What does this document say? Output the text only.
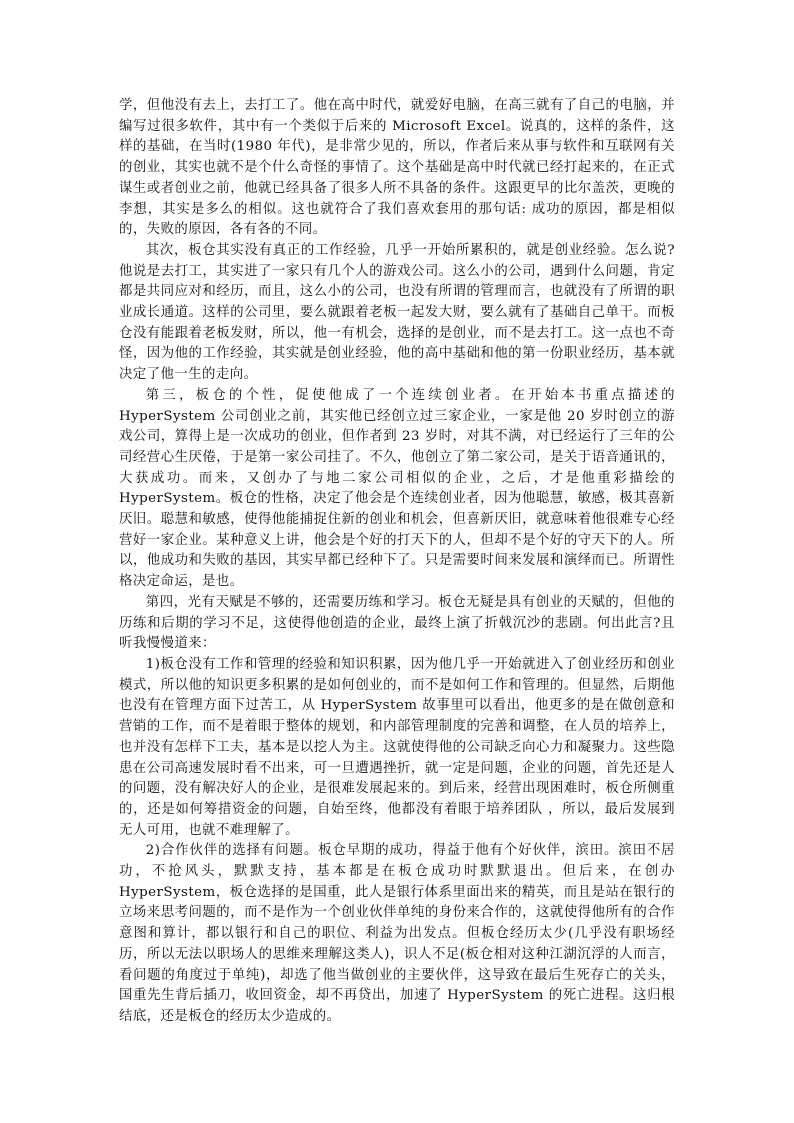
学，但他没有去上，去打工了。他在高中时代，就爱好电脑，在高三就有了自己的电脑，并编写过很多软件，其中有一个类似于后来的 Microsoft Excel。说真的，这样的条件，这样的基础，在当时(1980 年代)，是非常少见的，所以，作者后来从事与软件和互联网有关的创业，其实也就不是个什么奇怪的事情了。这个基础是高中时代就已经打起来的，在正式谋生或者创业之前，他就已经具备了很多人所不具备的条件。这跟更早的比尔盖茨，更晚的李想，其实是多么的相似。这也就符合了我们喜欢套用的那句话: 成功的原因，都是相似的，失败的原因，各有各的不同。

其次，板仓其实没有真正的工作经验，几乎一开始所累积的，就是创业经验。怎么说?他说是去打工，其实进了一家只有几个人的游戏公司。这么小的公司，遇到什么问题，肯定都是共同应对和经历，而且，这么小的公司，也没有所谓的管理而言，也就没有了所谓的职业成长通道。这样的公司里，要么就跟着老板一起发大财，要么就有了基础自己单干。而板仓没有能跟着老板发财，所以，他一有机会，选择的是创业，而不是去打工。这一点也不奇怪，因为他的工作经验，其实就是创业经验，他的高中基础和他的第一份职业经历，基本就决定了他一生的走向。

第三，板仓的个性，促使他成了一个连续创业者。在开始本书重点描述的 HyperSystem 公司创业之前，其实他已经创立过三家企业，一家是他 20 岁时创立的游戏公司，算得上是一次成功的创业，但作者到 23 岁时，对其不满，对已经运行了三年的公司经营心生厌倦，于是第一家公司挂了。不久，他创立了第二家公司，是关于语音通讯的，大获成功。而来，又创办了与地二家公司相似的企业，之后，才是他重彩描绘的 HyperSystem。板仓的性格，决定了他会是个连续创业者，因为他聪慧，敏感，极其喜新厌旧。聪慧和敏感，使得他能捕捉住新的创业和机会，但喜新厌旧，就意味着他很难专心经营好一家企业。某种意义上讲，他会是个好的打天下的人，但却不是个好的守天下的人。所以，他成功和失败的基因，其实早都已经种下了。只是需要时间来发展和演绎而已。所谓性格决定命运，是也。

第四，光有天赋是不够的，还需要历练和学习。板仓无疑是具有创业的天赋的，但他的历练和后期的学习不足，这使得他创造的企业，最终上演了折戟沉沙的悲剧。何出此言?且听我慢慢道来：

1)板仓没有工作和管理的经验和知识积累，因为他几乎一开始就进入了创业经历和创业模式，所以他的知识更多积累的是如何创业的，而不是如何工作和管理的。但显然，后期他也没有在管理方面下过苦工，从 HyperSystem 故事里可以看出，他更多的是在做创意和营销的工作，而不是着眼于整体的规划，和内部管理制度的完善和调整，在人员的培养上，也并没有怎样下工夫，基本是以挖人为主。这就使得他的公司缺乏向心力和凝聚力。这些隐患在公司高速发展时看不出来，可一旦遭遇挫折，就一定是问题，企业的问题，首先还是人的问题，没有解决好人的企业，是很难发展起来的。到后来，经营出现困难时，板仓所侧重的，还是如何筹措资金的问题，自始至终，他都没有着眼于培养团队 ，所以，最后发展到无人可用，也就不难理解了。

2)合作伙伴的选择有问题。板仓早期的成功，得益于他有个好伙伴，滨田。滨田不居功，不抢风头，默默支持，基本都是在板仓成功时默默退出。但后来，在创办 HyperSystem，板仓选择的是国重，此人是银行体系里面出来的精英，而且是站在银行的立场来思考问题的，而不是作为一个创业伙伴单纯的身份来合作的，这就使得他所有的合作意图和算计，都以银行和自己的职位、利益为出发点。但板仓经历太少(几乎没有职场经历，所以无法以职场人的思维来理解这类人)，识人不足(板仓相对这种江湖沉浮的人而言，看问题的角度过于单纯)，却选了他当做创业的主要伙伴，这导致在最后生死存亡的关头，国重先生背后插刀，收回资金，却不再贷出，加速了 HyperSystem 的死亡进程。这归根结底，还是板仓的经历太少造成的。
